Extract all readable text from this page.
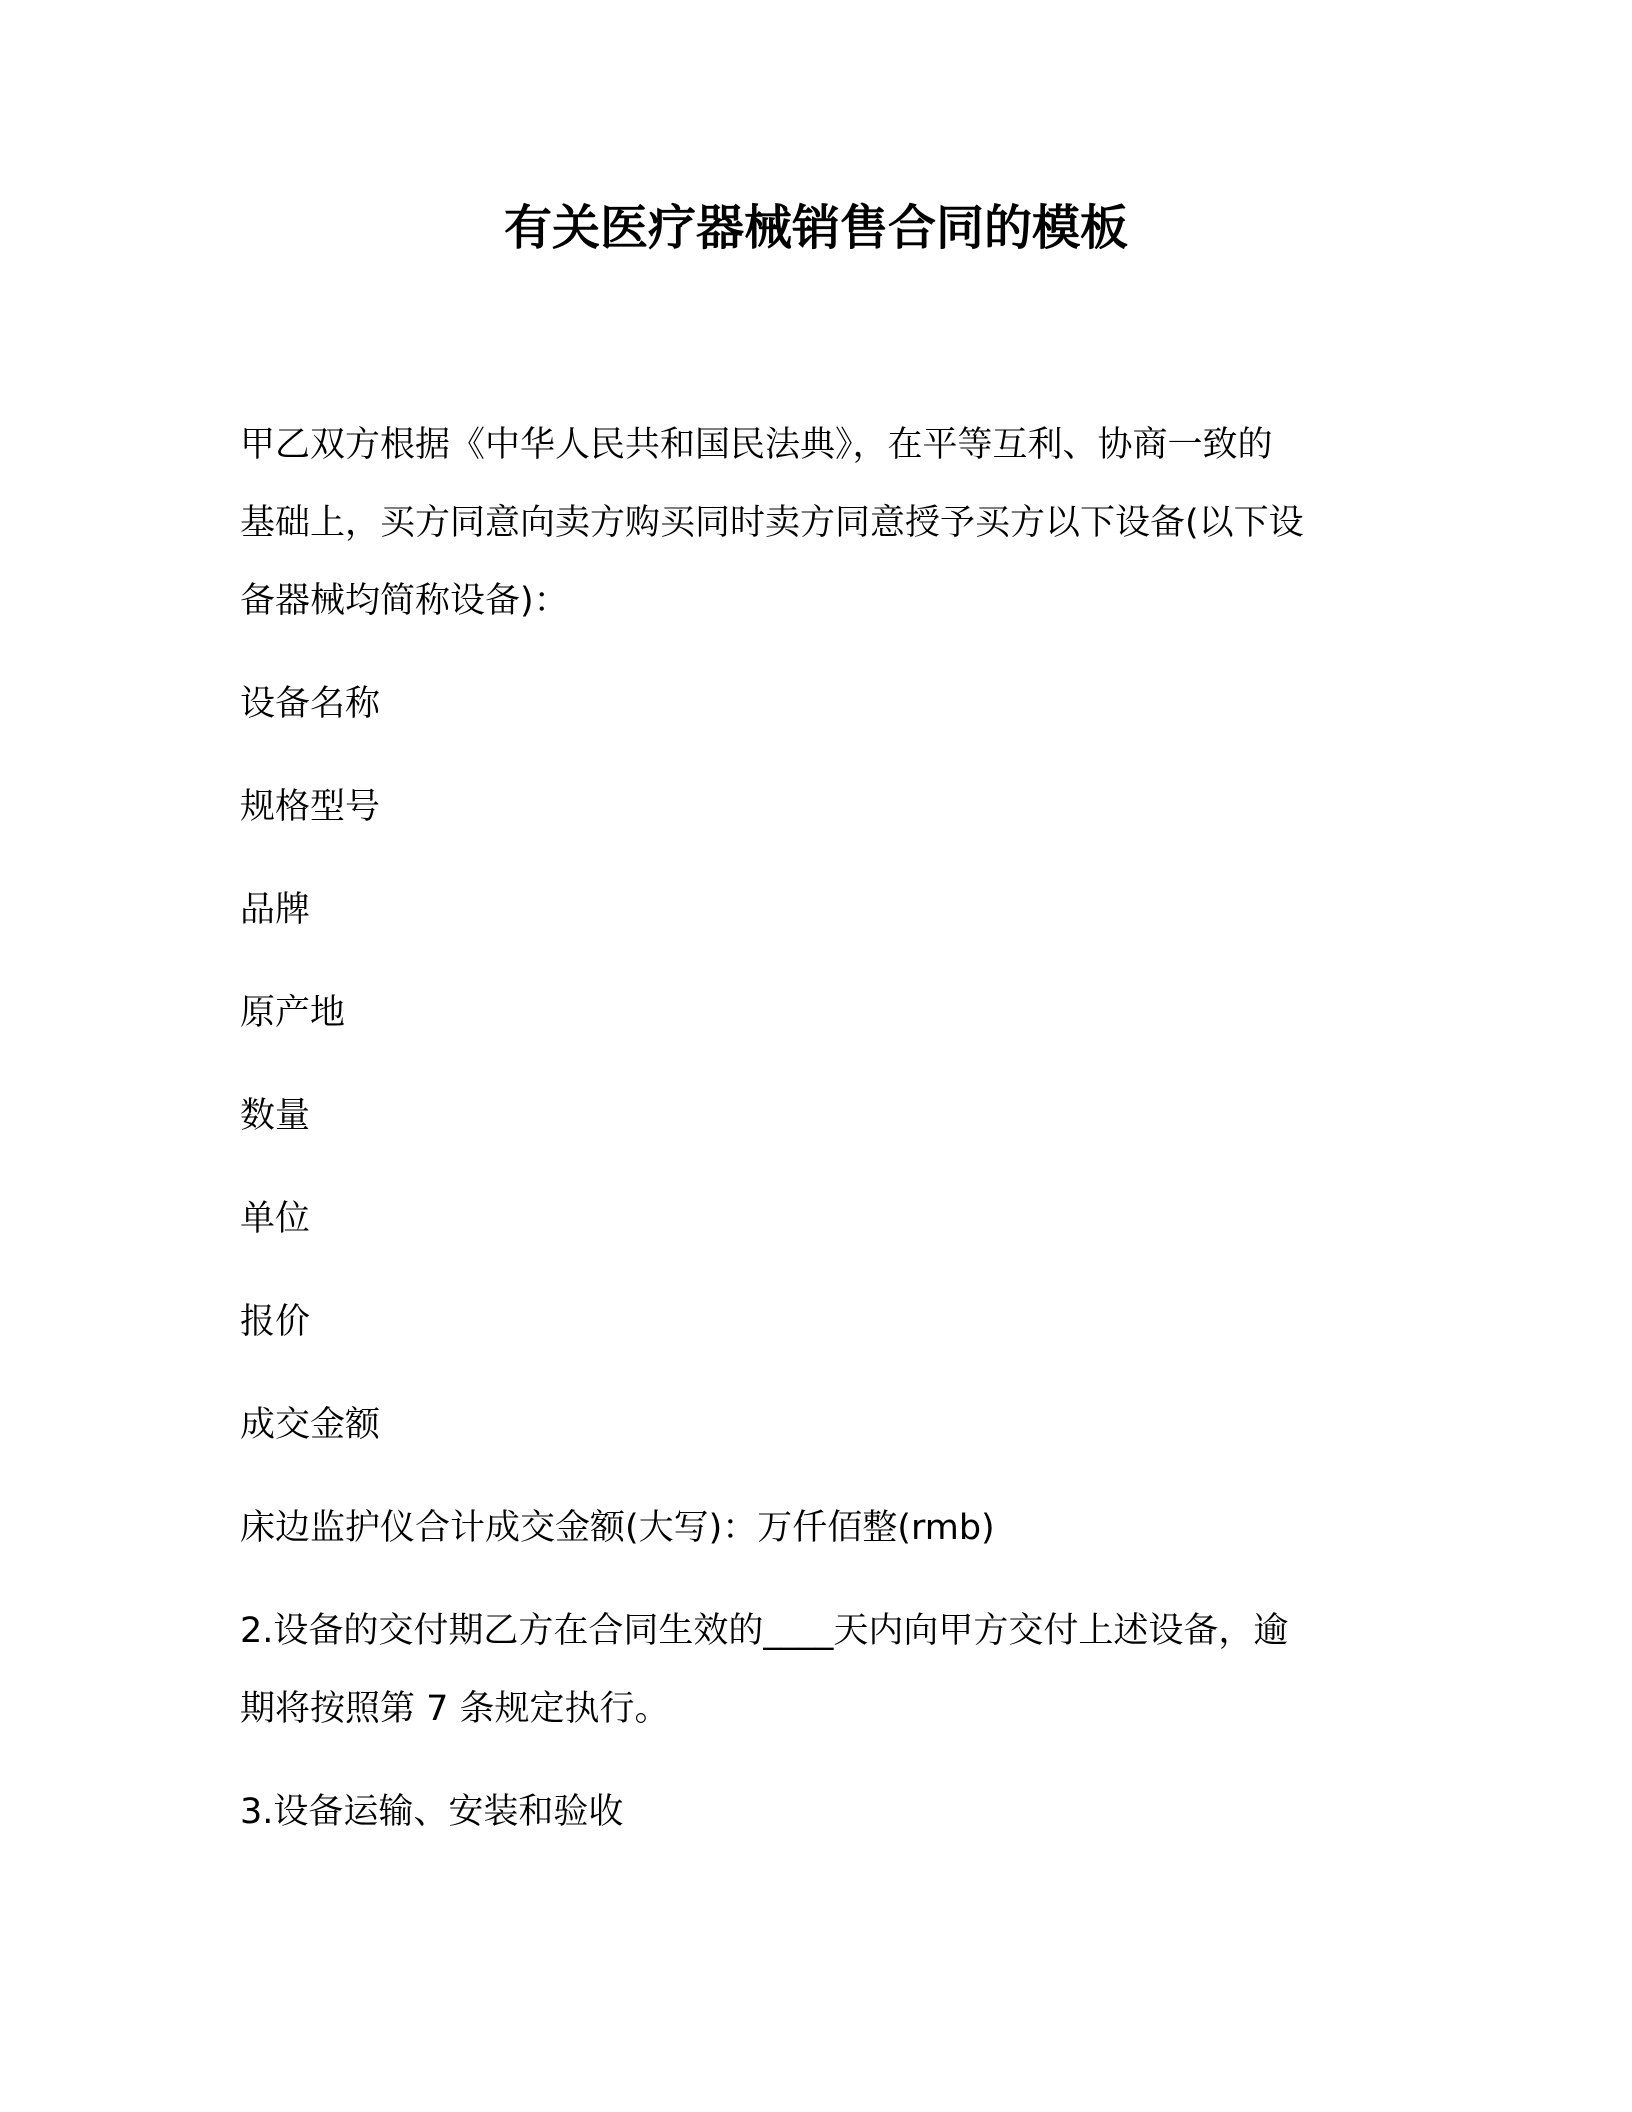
有关医疗器械销售合同的模板
甲乙双方根据《中华人民共和国民法典》，在平等互利、协商一致的
基础上，买方同意向卖方购买同时卖方同意授予买方以下设备(以下设
备器械均简称设备)：
设备名称
规格型号
品牌
原产地
数量
单位
报价
成交金额
床边监护仪合计成交金额(大写)：万仟佰整(rmb)
2.设备的交付期乙方在合同生效的____天内向甲方交付上述设备，逾
期将按照第 7 条规定执行。
3.设备运输、安装和验收
